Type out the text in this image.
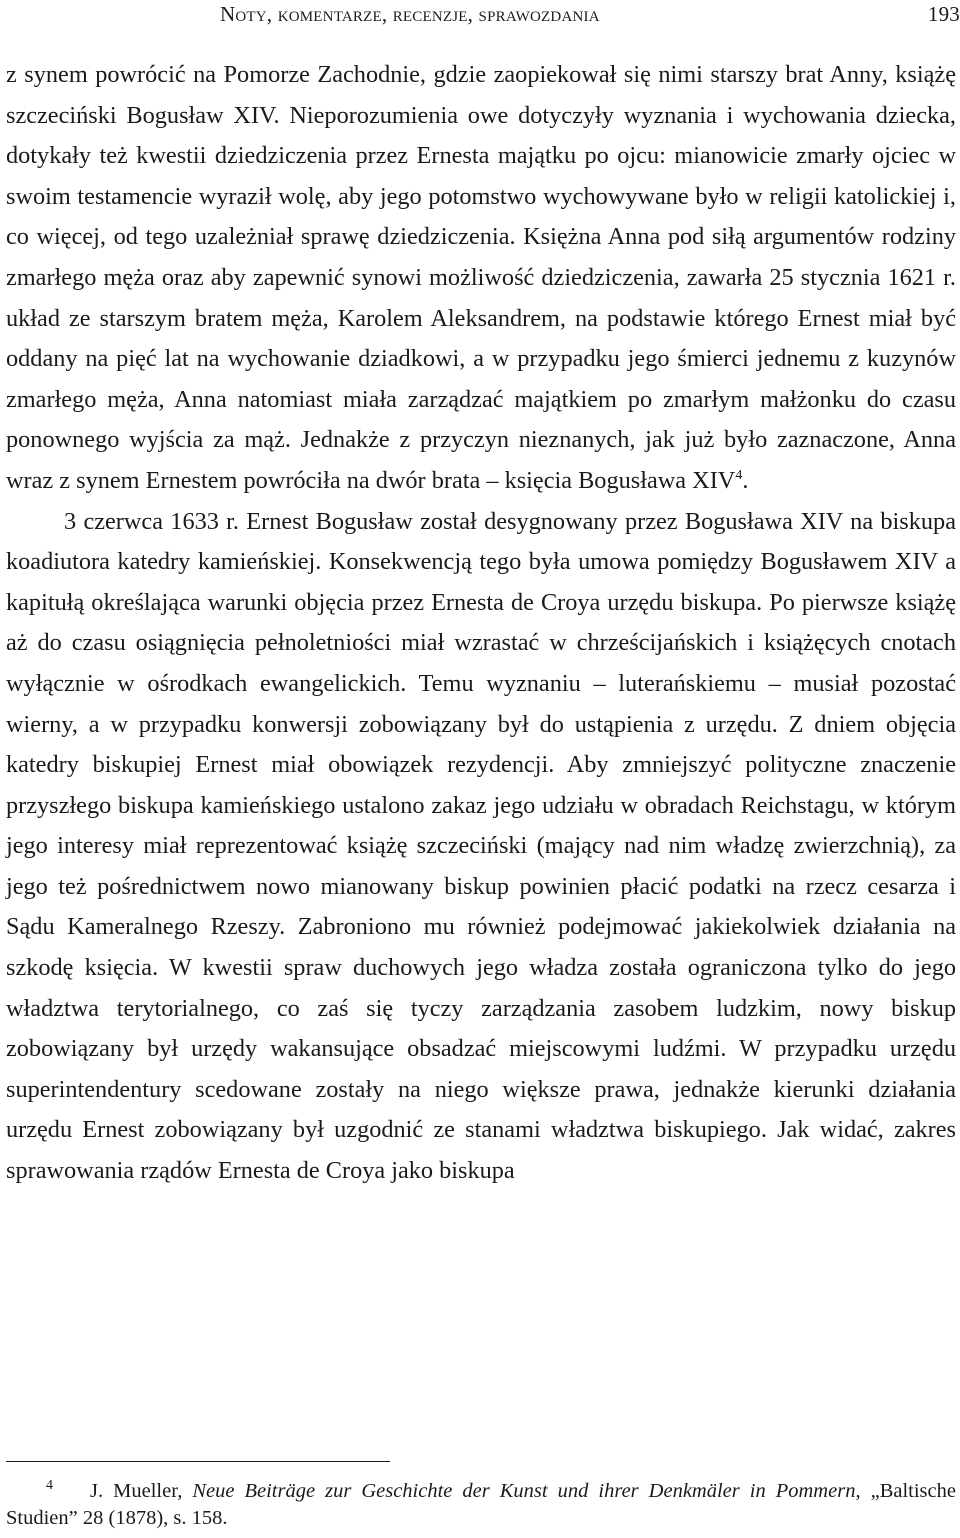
Noty, komentarze, recenzje, sprawozdania	193

z synem powrócić na Pomorze Zachodnie, gdzie zaopiekował się nimi starszy brat Anny, książę szczeciński Bogusław XIV. Nieporozumienia owe dotyczyły wyznania i wychowania dziecka, dotykały też kwestii dziedziczenia przez Ernesta majątku po ojcu: mianowicie zmarły ojciec w swoim testamencie wyraził wolę, aby jego potomstwo wychowywane było w religii katolickiej i, co więcej, od tego uzależniał sprawę dziedziczenia. Księżna Anna pod siłą argumentów rodziny zmarłego męża oraz aby zapewnić synowi możliwość dziedziczenia, zawarła 25 stycznia 1621 r. układ ze starszym bratem męża, Karolem Aleksandrem, na podstawie którego Ernest miał być oddany na pięć lat na wychowanie dziadkowi, a w przypadku jego śmierci jednemu z kuzynów zmarłego męża, Anna natomiast miała zarządzać majątkiem po zmarłym małżonku do czasu ponownego wyjścia za mąż. Jednakże z przyczyn nieznanych, jak już było zaznaczone, Anna wraz z synem Ernestem powróciła na dwór brata – księcia Bogusława XIV$^4$.

3 czerwca 1633 r. Ernest Bogusław został desygnowany przez Bogusława XIV na biskupa koadiutora katedry kamieńskiej. Konsekwencją tego była umowa pomiędzy Bogusławem XIV a kapitułą określająca warunki objęcia przez Ernesta de Croya urzędu biskupa. Po pierwsze książę aż do czasu osiągnięcia pełnoletniości miał wzrastać w chrześcijańskich i książęcych cnotach wyłącznie w ośrodkach ewangelickich. Temu wyznaniu – luterańskiemu – musiał pozostać wierny, a w przypadku konwersji zobowiązany był do ustąpienia z urzędu. Z dniem objęcia katedry biskupiej Ernest miał obowiązek rezydencji. Aby zmniejszyć polityczne znaczenie przyszłego biskupa kamieńskiego ustalono zakaz jego udziału w obradach Reichstagu, w którym jego interesy miał reprezentować książę szczeciński (mający nad nim władzę zwierzchnią), za jego też pośrednictwem nowo mianowany biskup powinien płacić podatki na rzecz cesarza i Sądu Kameralnego Rzeszy. Zabroniono mu również podejmować jakiekolwiek działania na szkodę księcia. W kwestii spraw duchowych jego władza została ograniczona tylko do jego władztwa terytorialnego, co zaś się tyczy zarządzania zasobem ludzkim, nowy biskup zobowiązany był urzędy wakansujące obsadzać miejscowymi ludźmi. W przypadku urzędu superintendentury scedowane zostały na niego większe prawa, jednakże kierunki działania urzędu Ernest zobowiązany był uzgodnić ze stanami władztwa biskupiego. Jak widać, zakres sprawowania rządów Ernesta de Croya jako biskupa

4 J. Mueller, Neue Beiträge zur Geschichte der Kunst und ihrer Denkmäler in Pommern, „Baltische Studien” 28 (1878), s. 158.
